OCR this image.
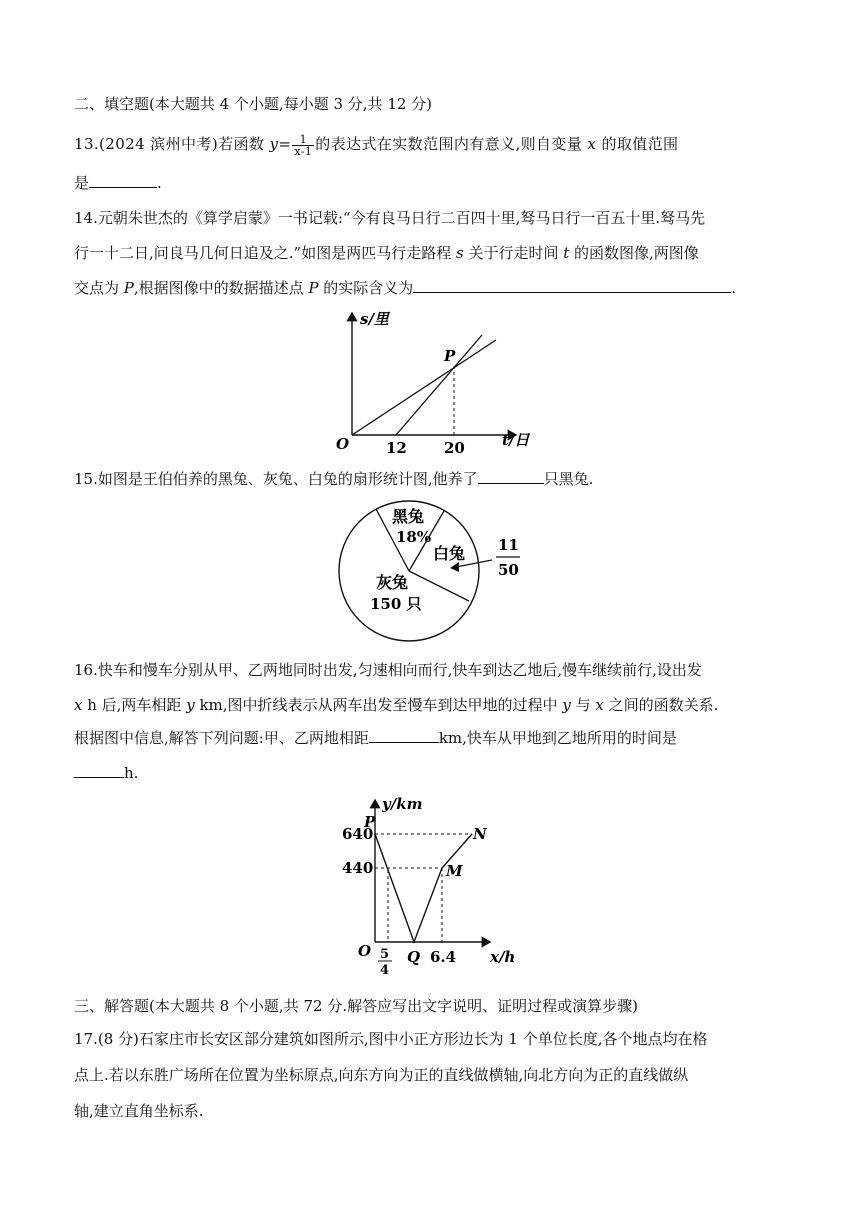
二、填空题(本大题共 4 个小题,每小题 3 分,共 12 分)
13.(2024 滨州中考)若函数 $y= \frac{1}{x-1}$ 的表达式在实数范围内有意义,则自变量 x 的取值范围
是	.
14.元朝朱世杰的《算学启蒙》一书记载:“今有良马日行二百四十里,驽马日行一百五十里.驽马先
行一十二日,问良马几何日追及之.”如图是两匹马行走路程 s 关于行走时间 t 的函数图像,两图像
交点为 P,根据图像中的数据描述点 P 的实际含义为	.
s/里
t/日
O
P
12 20
15.如图是王伯伯养的黑兔、灰兔、白兔的扇形统计图,他养了	只黑兔.
黑兔
18%
白兔
灰兔
150 只
11
50
16.快车和慢车分别从甲、乙两地同时出发,匀速相向而行,快车到达乙地后,慢车继续前行,设出发
x h 后,两车相距 y km,图中折线表示从两车出发至慢车到达甲地的过程中 y 与 x 之间的函数关系.
根据图中信息,解答下列问题:甲、乙两地相距	km,快车从甲地到乙地所用的时间是
h.
y/km
x/h
O
640
440
5
4
Q 6.4
P
M
N
三、解答题(本大题共 8 个小题,共 72 分.解答应写出文字说明、证明过程或演算步骤)
17.(8 分)石家庄市长安区部分建筑如图所示,图中小正方形边长为 1 个单位长度,各个地点均在格
点上.若以东胜广场所在位置为坐标原点,向东方向为正的直线做横轴,向北方向为正的直线做纵
轴,建立直角坐标系.
